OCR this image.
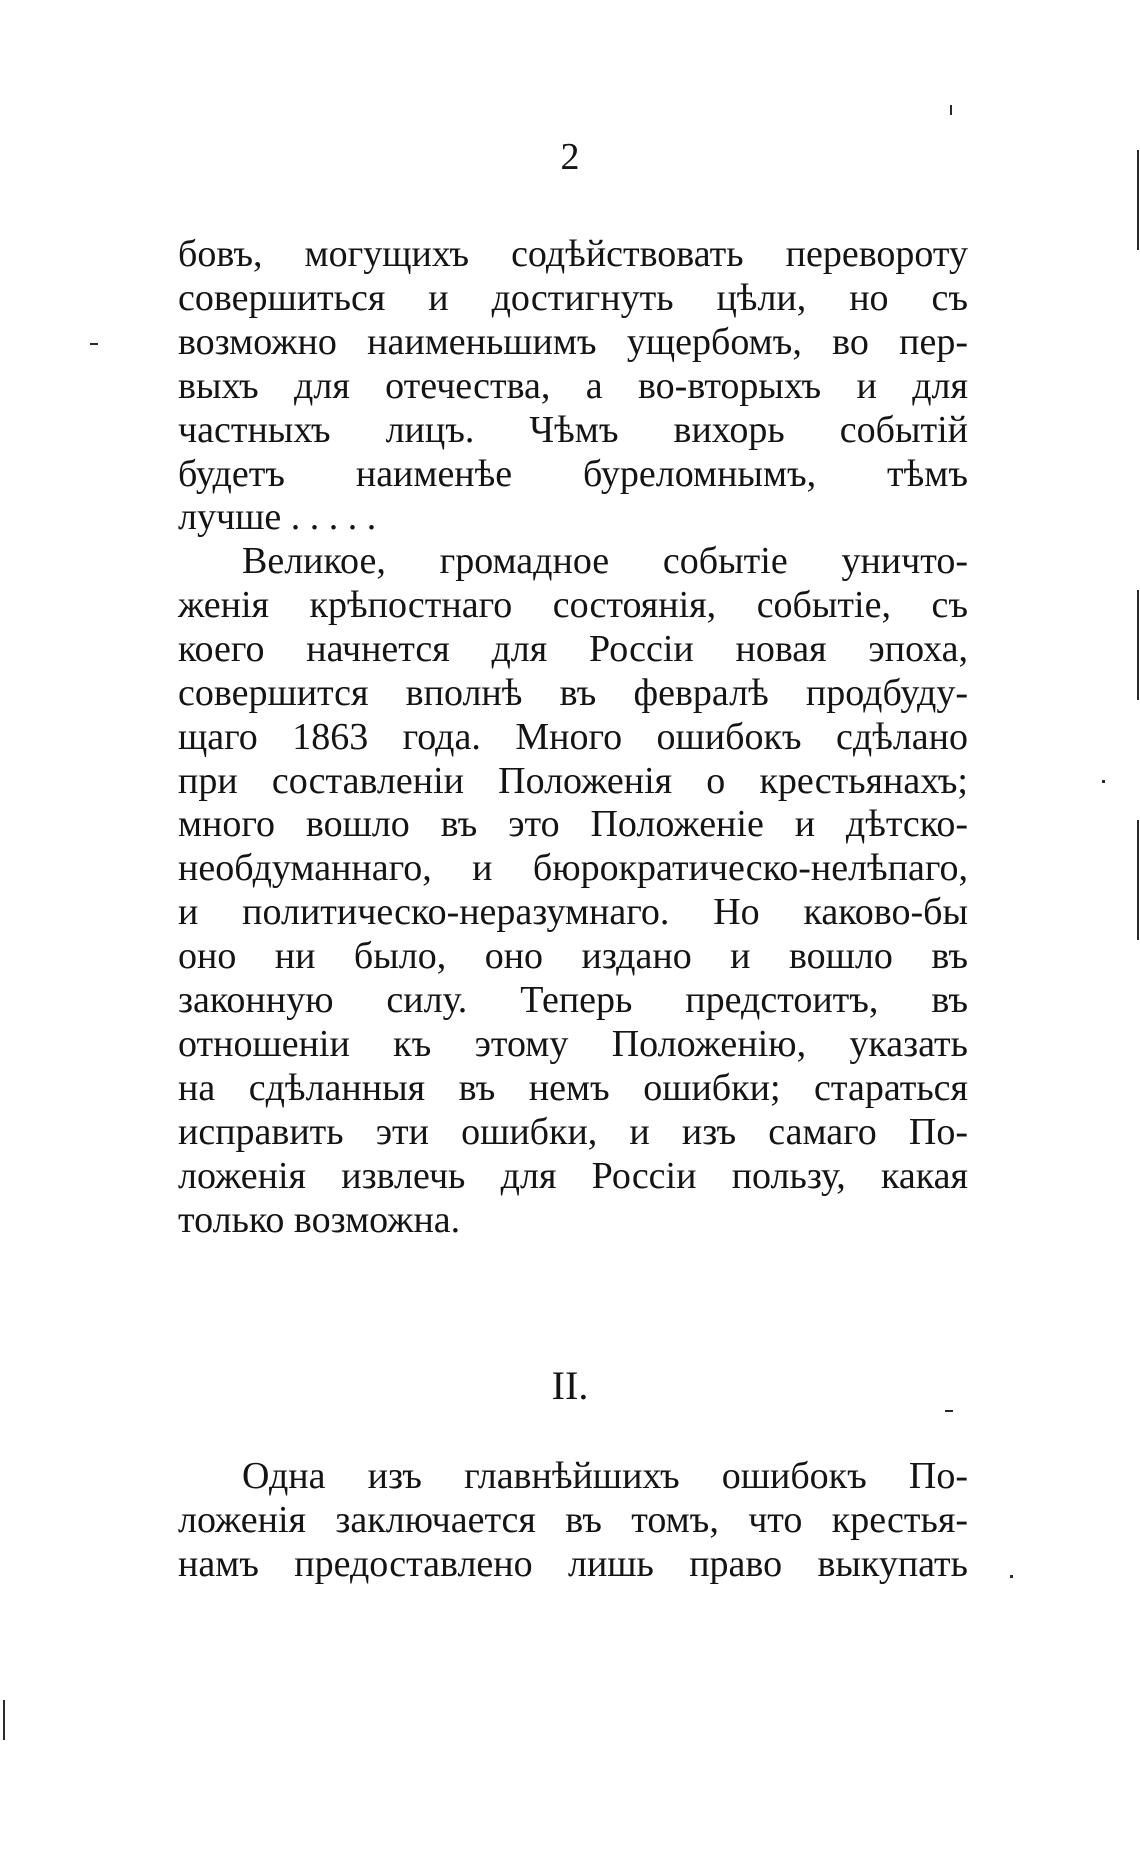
2
бовъ, могущихъ содѣйствовать перевороту
совершиться и достигнуть цѣли, но съ
возможно наименьшимъ ущербомъ, во пер-
выхъ для отечества, а во-вторыхъ и для
частныхъ лицъ. Чѣмъ вихорь событій
будетъ наименѣе буреломнымъ, тѣмъ
лучше . . . . .
Великое, громадное событіе уничто-
женія крѣпостнаго состоянія, событіе, съ
коего начнется для Россіи новая эпоха,
совершится вполнѣ въ февралѣ продбуду-
щаго 1863 года. Много ошибокъ сдѣлано
при составленіи Положенія о крестьянахъ;
много вошло въ это Положеніе и дѣтско-
необдуманнаго, и бюрократическо-нелѣпаго,
и политическо-неразумнаго. Но каково-бы
оно ни было, оно издано и вошло въ
законную силу. Теперь предстоитъ, въ
отношеніи къ этому Положенію, указать
на сдѣланныя въ немъ ошибки; стараться
исправить эти ошибки, и изъ самаго По-
ложенія извлечь для Россіи пользу, какая
только возможна.
II.
Одна изъ главнѣйшихъ ошибокъ По-
ложенія заключается въ томъ, что крестья-
намъ предоставлено лишь право выкупать
